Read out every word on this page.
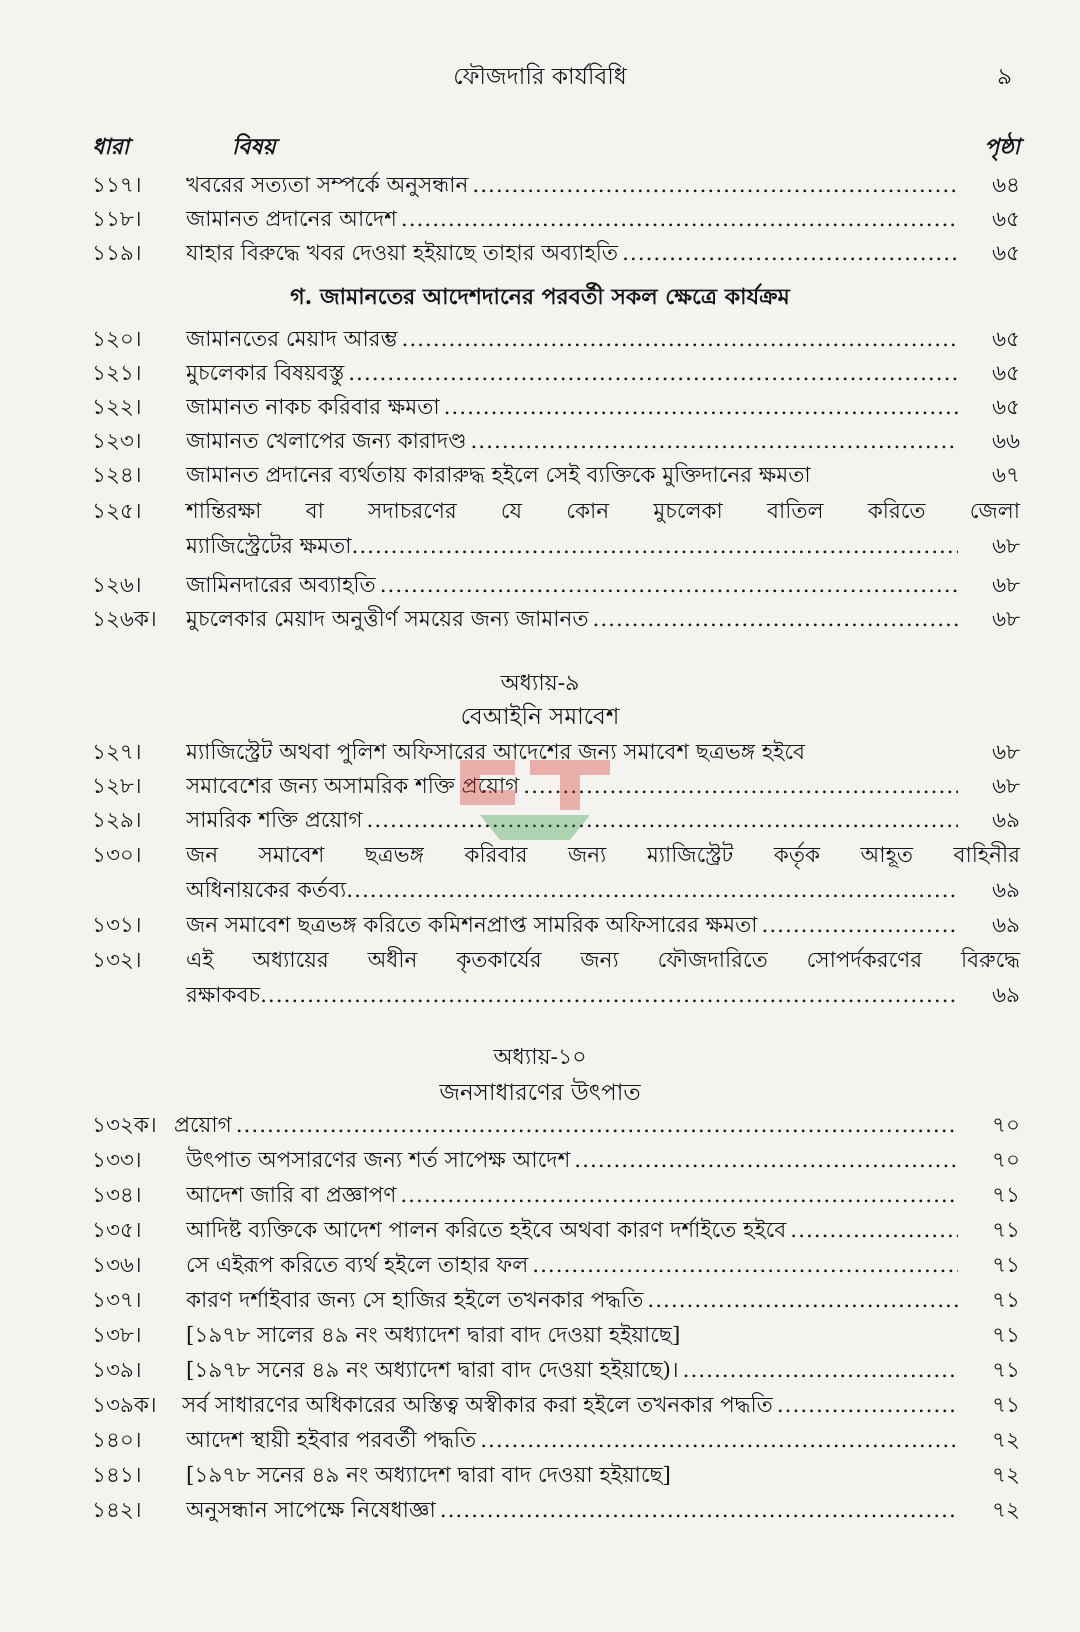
ফৌজদারি কার্যবিধি	৯
ধারা	বিষয়	পৃষ্ঠা
১১৭। খবরের সত্যতা সম্পর্কে অনুসন্ধান .....	৬৪
১১৮। জামানত প্রদানের আদেশ .....	৬৫
১১৯। যাহার বিরুদ্ধে খবর দেওয়া হইয়াছে তাহার অব্যাহতি .....	৬৫
গ. জামানতের আদেশদানের পরবর্তী সকল ক্ষেত্রে কার্যক্রম
১২০। জামানতের মেয়াদ আরম্ভ .....	৬৫
১২১। মুচলেকার বিষয়বস্তু .....	৬৫
১২২। জামানত নাকচ করিবার ক্ষমতা .....	৬৫
১২৩। জামানত খেলাপের জন্য কারাদণ্ড .....	৬৬
১২৪। জামানত প্রদানের ব্যর্থতায় কারারুদ্ধ হইলে সেই ব্যক্তিকে মুক্তিদানের ক্ষমতা	৬৭
১২৫। শান্তিরক্ষা বা সদাচরণের যে কোন মুচলেকা বাতিল করিতে জেলা
ম্যাজিস্ট্রেটের ক্ষমতা .....	৬৮
১২৬। জামিনদারের অব্যাহতি .....	৬৮
১২৬ক। মুচলেকার মেয়াদ অনুত্তীর্ণ সময়ের জন্য জামানত .....	৬৮
অধ্যায়-৯
বেআইনি সমাবেশ
১২৭। ম্যাজিস্ট্রেট অথবা পুলিশ অফিসারের আদেশের জন্য সমাবেশ ছত্রভঙ্গ হইবে	৬৮
১২৮। সমাবেশের জন্য অসামরিক শক্তি প্রয়োগ .....	৬৮
১২৯। সামরিক শক্তি প্রয়োগ .....	৬৯
১৩০। জন সমাবেশ ছত্রভঙ্গ করিবার জন্য ম্যাজিস্ট্রেট কর্তৃক আহূত বাহিনীর
অধিনায়কের কর্তব্য .....	৬৯
১৩১। জন সমাবেশ ছত্রভঙ্গ করিতে কমিশনপ্রাপ্ত সামরিক অফিসারের ক্ষমতা .....	৬৯
১৩২। এই অধ্যায়ের অধীন কৃতকার্যের জন্য ফৌজদারিতে সোপর্দকরণের বিরুদ্ধে
রক্ষাকবচ .....	৬৯
অধ্যায়-১০
জনসাধারণের উৎপাত
১৩২ক। প্রয়োগ .....	৭০
১৩৩। উৎপাত অপসারণের জন্য শর্ত সাপেক্ষ আদেশ .....	৭০
১৩৪। আদেশ জারি বা প্রজ্ঞাপণ .....	৭১
১৩৫। আদিষ্ট ব্যক্তিকে আদেশ পালন করিতে হইবে অথবা কারণ দর্শাইতে হইবে .....	৭১
১৩৬। সে এইরূপ করিতে ব্যর্থ হইলে তাহার ফল .....	৭১
১৩৭। কারণ দর্শাইবার জন্য সে হাজির হইলে তখনকার পদ্ধতি .....	৭১
১৩৮। [১৯৭৮ সালের ৪৯ নং অধ্যাদেশ দ্বারা বাদ দেওয়া হইয়াছে]	৭১
১৩৯। [১৯৭৮ সনের ৪৯ নং অধ্যাদেশ দ্বারা বাদ দেওয়া হইয়াছে)। .....	৭১
১৩৯ক। সর্ব সাধারণের অধিকারের অস্তিত্ব অস্বীকার করা হইলে তখনকার পদ্ধতি .....	৭১
১৪০। আদেশ স্থায়ী হইবার পরবর্তী পদ্ধতি .....	৭২
১৪১। [১৯৭৮ সনের ৪৯ নং অধ্যাদেশ দ্বারা বাদ দেওয়া হইয়াছে]	৭২
১৪২। অনুসন্ধান সাপেক্ষে নিষেধাজ্ঞা .....	৭২
